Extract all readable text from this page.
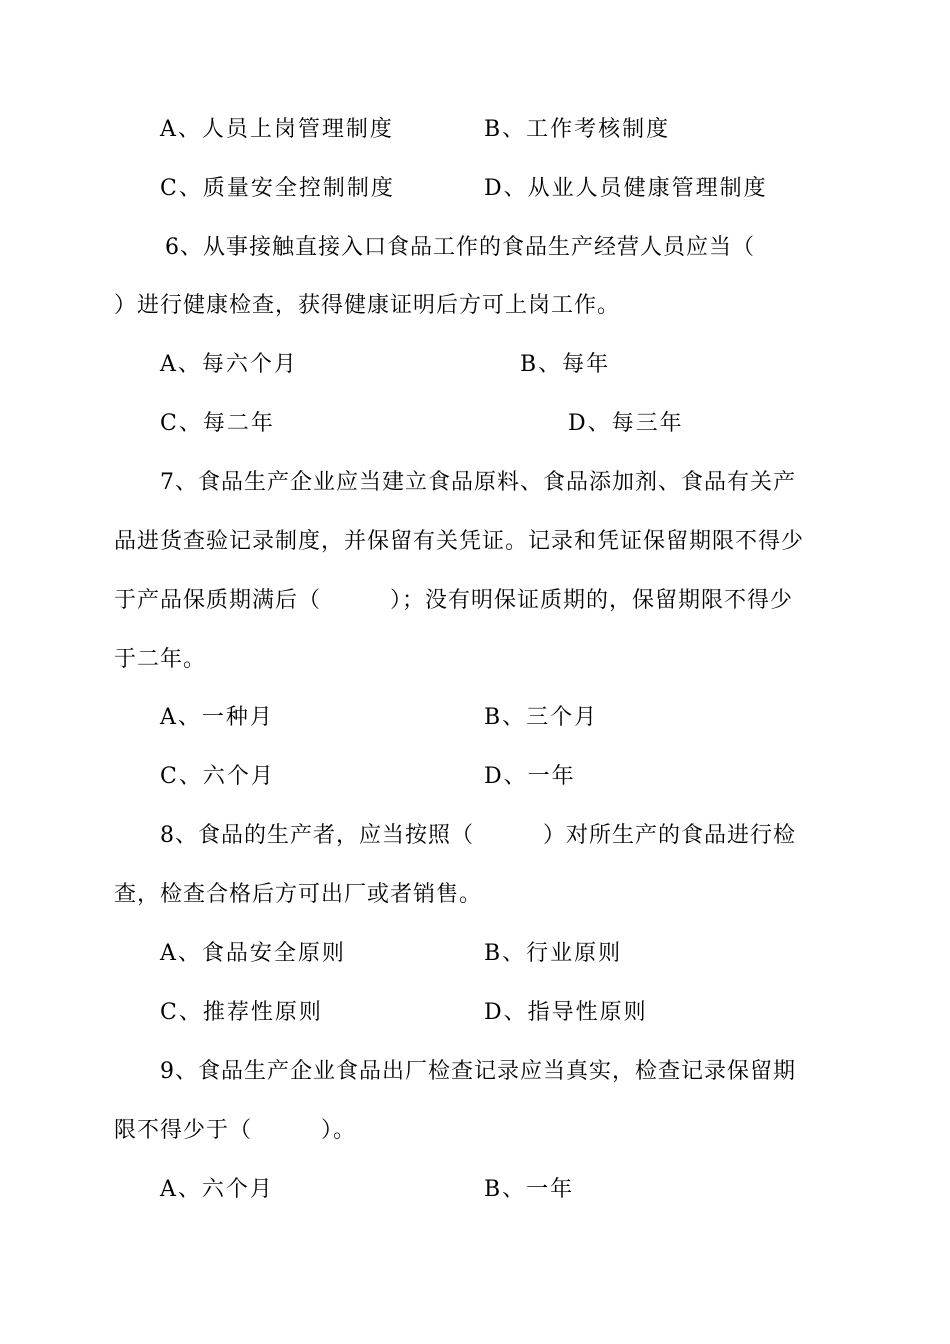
A、人员上岗管理制度	B、工作考核制度
C、质量安全控制制度	D、从业人员健康管理制度
6、从事接触直接入口食品工作的食品生产经营人员应当（
）进行健康检查，获得健康证明后方可上岗工作。
A、每六个月	B、每年
C、每二年	D、每三年
7、食品生产企业应当建立食品原料、食品添加剂、食品有关产
品进货查验记录制度，并保留有关凭证。记录和凭证保留期限不得少
于产品保质期满后（　　　）；没有明保证质期的，保留期限不得少
于二年。
A、一种月	B、三个月
C、六个月	D、一年
8、食品的生产者，应当按照（　　　）对所生产的食品进行检
查，检查合格后方可出厂或者销售。
A、食品安全原则	B、行业原则
C、推荐性原则	D、指导性原则
9、食品生产企业食品出厂检查记录应当真实，检查记录保留期
限不得少于（　　　）。
A、六个月	B、一年
